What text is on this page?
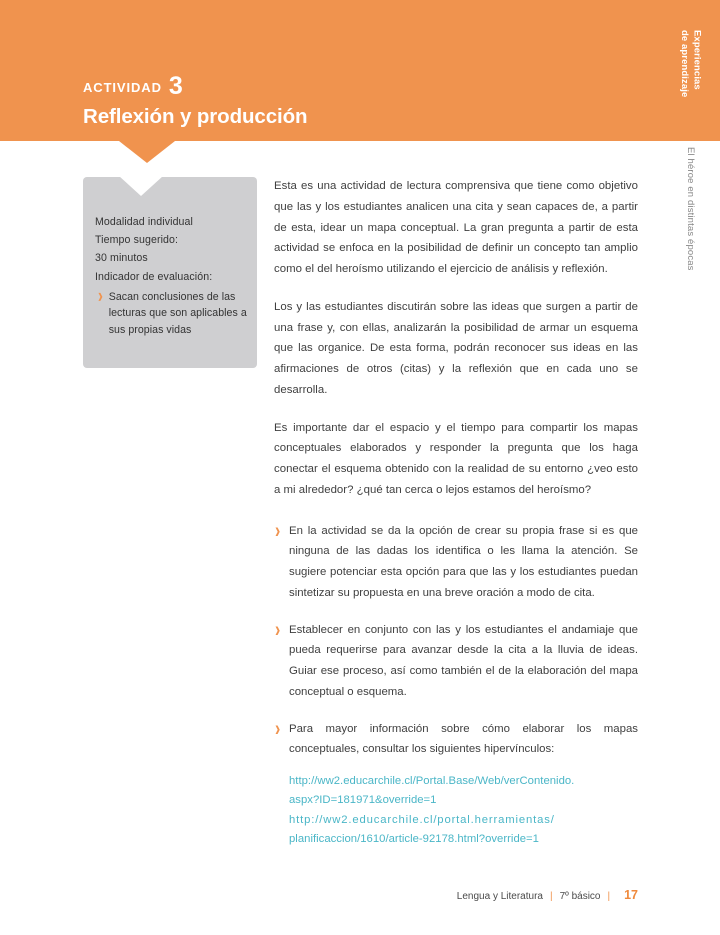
ACTIVIDAD 3
Reflexión y producción
Experiencias
de aprendizaje
El héroe en distintas épocas
Modalidad individual
Tiempo sugerido:
30 minutos
Indicador de evaluación:
❱ Sacan conclusiones de las lecturas que son aplicables a sus propias vidas

Esta es una actividad de lectura comprensiva que tiene como objetivo que las y los estudiantes analicen una cita y sean capaces de, a partir de esta, idear un mapa conceptual. La gran pregunta a partir de esta actividad se enfoca en la posibilidad de definir un concepto tan amplio como el del heroísmo utilizando el ejercicio de análisis y reflexión.

Los y las estudiantes discutirán sobre las ideas que surgen a partir de una frase y, con ellas, analizarán la posibilidad de armar un esquema que las organice. De esta forma, podrán reconocer sus ideas en las afirmaciones de otros (citas) y la reflexión que en cada uno se desarrolla.

Es importante dar el espacio y el tiempo para compartir los mapas conceptuales elaborados y responder la pregunta que los haga conectar el esquema obtenido con la realidad de su entorno ¿veo esto a mi alrededor? ¿qué tan cerca o lejos estamos del heroísmo?

❱ En la actividad se da la opción de crear su propia frase si es que ninguna de las dadas los identifica o les llama la atención. Se sugiere potenciar esta opción para que las y los estudiantes puedan sintetizar su propuesta en una breve oración a modo de cita.
❱ Establecer en conjunto con las y los estudiantes el andamiaje que pueda requerirse para avanzar desde la cita a la lluvia de ideas. Guiar ese proceso, así como también el de la elaboración del mapa conceptual o esquema.
❱ Para mayor información sobre cómo elaborar los mapas conceptuales, consultar los siguientes hipervínculos:
http://ww2.educarchile.cl/Portal.Base/Web/verContenido.
aspx?ID=181971&override=1
http://ww2.educarchile.cl/portal.herramientas/
planificaccion/1610/article-92178.html?override=1
Lengua y Literatura | 7º básico | 17
